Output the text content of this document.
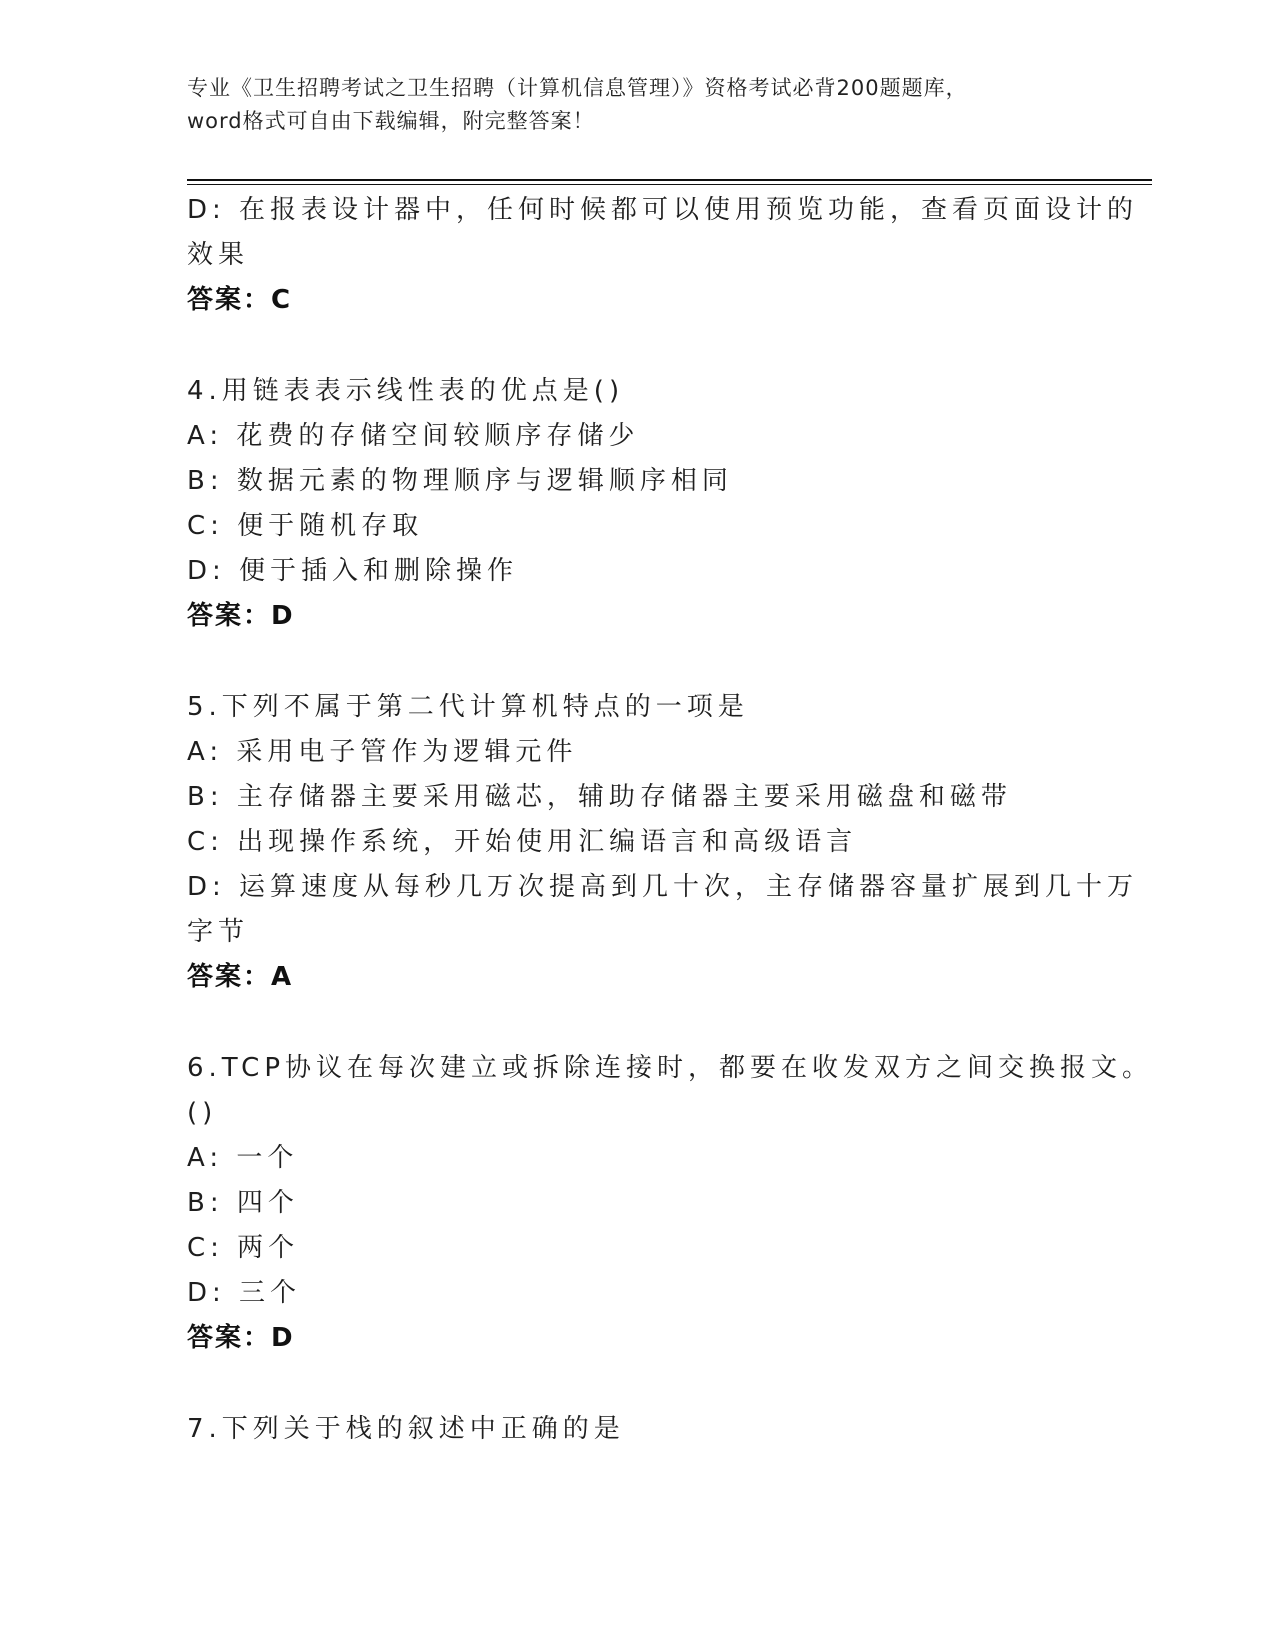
专业《卫生招聘考试之卫生招聘（计算机信息管理）》资格考试必背200题题库，
word格式可自由下载编辑，附完整答案！
D: 在报表设计器中，任何时候都可以使用预览功能，查看页面设计的
效果
答案：C
4.用链表表示线性表的优点是()
A: 花费的存储空间较顺序存储少
B: 数据元素的物理顺序与逻辑顺序相同
C: 便于随机存取
D: 便于插入和删除操作
答案：D
5.下列不属于第二代计算机特点的一项是
A: 采用电子管作为逻辑元件
B: 主存储器主要采用磁芯，辅助存储器主要采用磁盘和磁带
C: 出现操作系统，开始使用汇编语言和高级语言
D: 运算速度从每秒几万次提高到几十次，主存储器容量扩展到几十万
字节
答案：A
6.TCP协议在每次建立或拆除连接时，都要在收发双方之间交换报文。
()
A: 一个
B: 四个
C: 两个
D: 三个
答案：D
7.下列关于栈的叙述中正确的是
